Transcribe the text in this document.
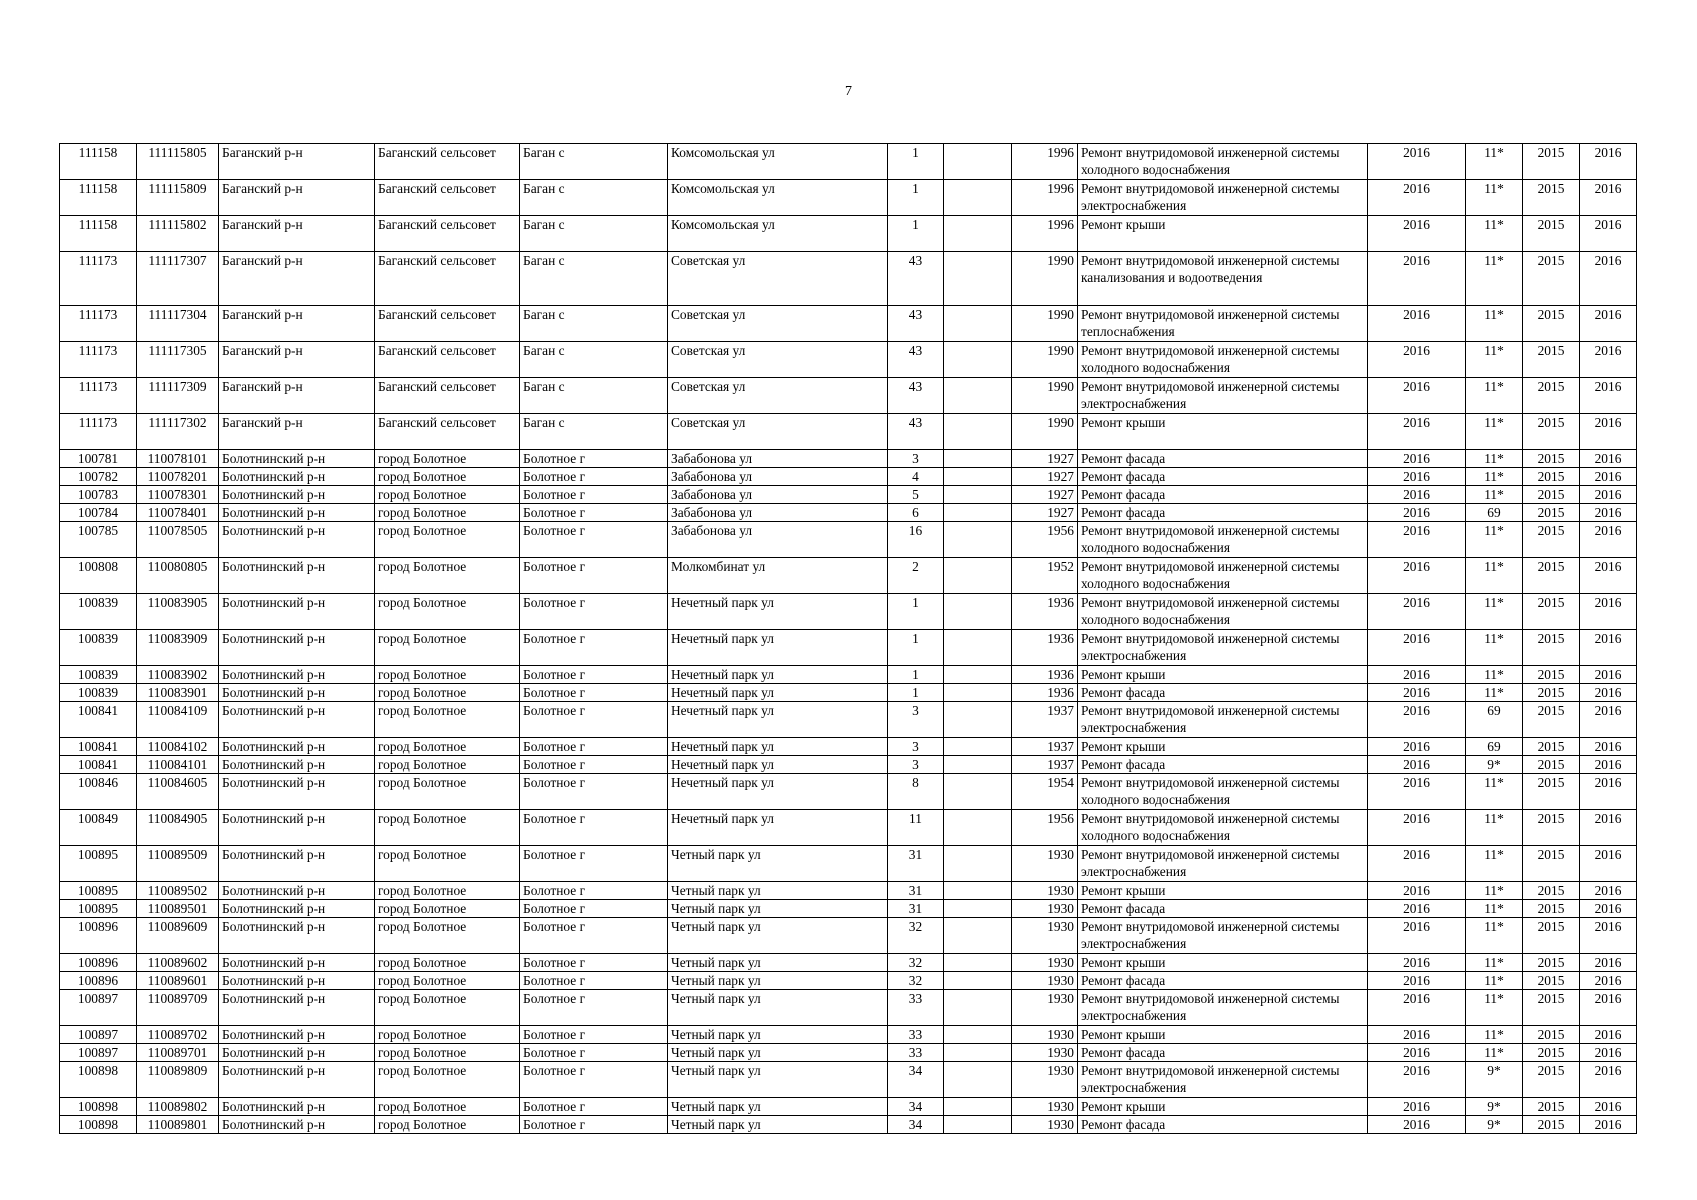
7
111158	111115805	Баганский р-н	Баганский сельсовет	Баган с	Комсомольская ул	1		1996	Ремонт внутридомовой инженерной системы холодного водоснабжения	2016	11*	2015	2016
111158	111115809	Баганский р-н	Баганский сельсовет	Баган с	Комсомольская ул	1		1996	Ремонт внутридомовой инженерной системы электроснабжения	2016	11*	2015	2016
111158	111115802	Баганский р-н	Баганский сельсовет	Баган с	Комсомольская ул	1		1996	Ремонт крыши	2016	11*	2015	2016
111173	111117307	Баганский р-н	Баганский сельсовет	Баган с	Советская ул	43		1990	Ремонт внутридомовой инженерной системы канализования и водоотведения	2016	11*	2015	2016
111173	111117304	Баганский р-н	Баганский сельсовет	Баган с	Советская ул	43		1990	Ремонт внутридомовой инженерной системы теплоснабжения	2016	11*	2015	2016
111173	111117305	Баганский р-н	Баганский сельсовет	Баган с	Советская ул	43		1990	Ремонт внутридомовой инженерной системы холодного водоснабжения	2016	11*	2015	2016
111173	111117309	Баганский р-н	Баганский сельсовет	Баган с	Советская ул	43		1990	Ремонт внутридомовой инженерной системы электроснабжения	2016	11*	2015	2016
111173	111117302	Баганский р-н	Баганский сельсовет	Баган с	Советская ул	43		1990	Ремонт крыши	2016	11*	2015	2016
100781	110078101	Болотнинский р-н	город Болотное	Болотное г	Забабонова ул	3		1927	Ремонт фасада	2016	11*	2015	2016
100782	110078201	Болотнинский р-н	город Болотное	Болотное г	Забабонова ул	4		1927	Ремонт фасада	2016	11*	2015	2016
100783	110078301	Болотнинский р-н	город Болотное	Болотное г	Забабонова ул	5		1927	Ремонт фасада	2016	11*	2015	2016
100784	110078401	Болотнинский р-н	город Болотное	Болотное г	Забабонова ул	6		1927	Ремонт фасада	2016	69	2015	2016
100785	110078505	Болотнинский р-н	город Болотное	Болотное г	Забабонова ул	16		1956	Ремонт внутридомовой инженерной системы холодного водоснабжения	2016	11*	2015	2016
100808	110080805	Болотнинский р-н	город Болотное	Болотное г	Молкомбинат ул	2		1952	Ремонт внутридомовой инженерной системы холодного водоснабжения	2016	11*	2015	2016
100839	110083905	Болотнинский р-н	город Болотное	Болотное г	Нечетный парк ул	1		1936	Ремонт внутридомовой инженерной системы холодного водоснабжения	2016	11*	2015	2016
100839	110083909	Болотнинский р-н	город Болотное	Болотное г	Нечетный парк ул	1		1936	Ремонт внутридомовой инженерной системы электроснабжения	2016	11*	2015	2016
100839	110083902	Болотнинский р-н	город Болотное	Болотное г	Нечетный парк ул	1		1936	Ремонт крыши	2016	11*	2015	2016
100839	110083901	Болотнинский р-н	город Болотное	Болотное г	Нечетный парк ул	1		1936	Ремонт фасада	2016	11*	2015	2016
100841	110084109	Болотнинский р-н	город Болотное	Болотное г	Нечетный парк ул	3		1937	Ремонт внутридомовой инженерной системы электроснабжения	2016	69	2015	2016
100841	110084102	Болотнинский р-н	город Болотное	Болотное г	Нечетный парк ул	3		1937	Ремонт крыши	2016	69	2015	2016
100841	110084101	Болотнинский р-н	город Болотное	Болотное г	Нечетный парк ул	3		1937	Ремонт фасада	2016	9*	2015	2016
100846	110084605	Болотнинский р-н	город Болотное	Болотное г	Нечетный парк ул	8		1954	Ремонт внутридомовой инженерной системы холодного водоснабжения	2016	11*	2015	2016
100849	110084905	Болотнинский р-н	город Болотное	Болотное г	Нечетный парк ул	11		1956	Ремонт внутридомовой инженерной системы холодного водоснабжения	2016	11*	2015	2016
100895	110089509	Болотнинский р-н	город Болотное	Болотное г	Четный парк ул	31		1930	Ремонт внутридомовой инженерной системы электроснабжения	2016	11*	2015	2016
100895	110089502	Болотнинский р-н	город Болотное	Болотное г	Четный парк ул	31		1930	Ремонт крыши	2016	11*	2015	2016
100895	110089501	Болотнинский р-н	город Болотное	Болотное г	Четный парк ул	31		1930	Ремонт фасада	2016	11*	2015	2016
100896	110089609	Болотнинский р-н	город Болотное	Болотное г	Четный парк ул	32		1930	Ремонт внутридомовой инженерной системы электроснабжения	2016	11*	2015	2016
100896	110089602	Болотнинский р-н	город Болотное	Болотное г	Четный парк ул	32		1930	Ремонт крыши	2016	11*	2015	2016
100896	110089601	Болотнинский р-н	город Болотное	Болотное г	Четный парк ул	32		1930	Ремонт фасада	2016	11*	2015	2016
100897	110089709	Болотнинский р-н	город Болотное	Болотное г	Четный парк ул	33		1930	Ремонт внутридомовой инженерной системы электроснабжения	2016	11*	2015	2016
100897	110089702	Болотнинский р-н	город Болотное	Болотное г	Четный парк ул	33		1930	Ремонт крыши	2016	11*	2015	2016
100897	110089701	Болотнинский р-н	город Болотное	Болотное г	Четный парк ул	33		1930	Ремонт фасада	2016	11*	2015	2016
100898	110089809	Болотнинский р-н	город Болотное	Болотное г	Четный парк ул	34		1930	Ремонт внутридомовой инженерной системы электроснабжения	2016	9*	2015	2016
100898	110089802	Болотнинский р-н	город Болотное	Болотное г	Четный парк ул	34		1930	Ремонт крыши	2016	9*	2015	2016
100898	110089801	Болотнинский р-н	город Болотное	Болотное г	Четный парк ул	34		1930	Ремонт фасада	2016	9*	2015	2016
